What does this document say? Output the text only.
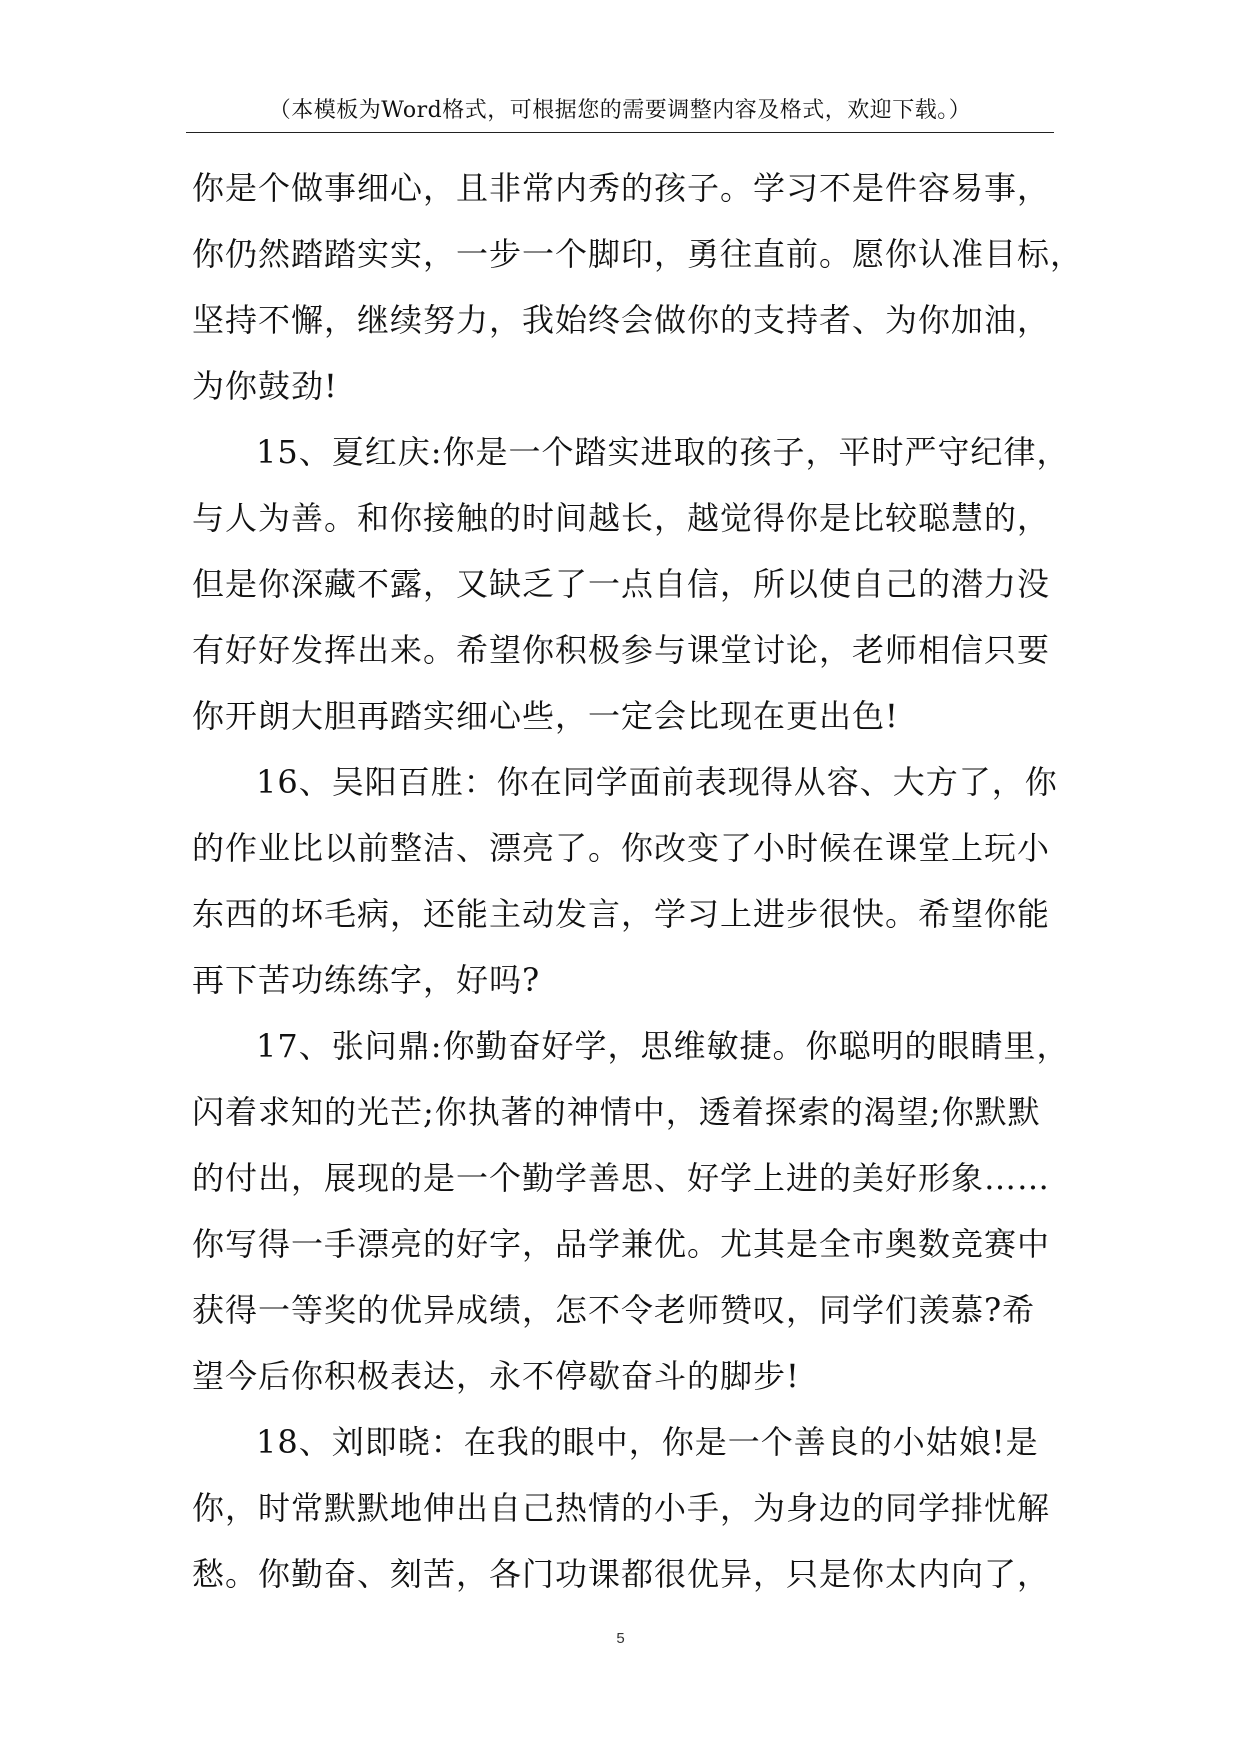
（本模板为Word格式，可根据您的需要调整内容及格式，欢迎下载。）
你是个做事细心，且非常内秀的孩子。学习不是件容易事，
你仍然踏踏实实，一步一个脚印，勇往直前。愿你认准目标，
坚持不懈，继续努力，我始终会做你的支持者、为你加油，
为你鼓劲!
15、夏红庆:你是一个踏实进取的孩子，平时严守纪律，
与人为善。和你接触的时间越长，越觉得你是比较聪慧的，
但是你深藏不露，又缺乏了一点自信，所以使自己的潜力没
有好好发挥出来。希望你积极参与课堂讨论，老师相信只要
你开朗大胆再踏实细心些，一定会比现在更出色!
16、吴阳百胜：你在同学面前表现得从容、大方了，你
的作业比以前整洁、漂亮了。你改变了小时候在课堂上玩小
东西的坏毛病，还能主动发言，学习上进步很快。希望你能
再下苦功练练字，好吗?
17、张问鼎:你勤奋好学，思维敏捷。你聪明的眼睛里，
闪着求知的光芒;你执著的神情中，透着探索的渴望;你默默
的付出，展现的是一个勤学善思、好学上进的美好形象……
你写得一手漂亮的好字，品学兼优。尤其是全市奥数竞赛中
获得一等奖的优异成绩，怎不令老师赞叹，同学们羡慕?希
望今后你积极表达，永不停歇奋斗的脚步!
18、刘即晓：在我的眼中，你是一个善良的小姑娘!是
你，时常默默地伸出自己热情的小手，为身边的同学排忧解
愁。你勤奋、刻苦，各门功课都很优异，只是你太内向了，
5
